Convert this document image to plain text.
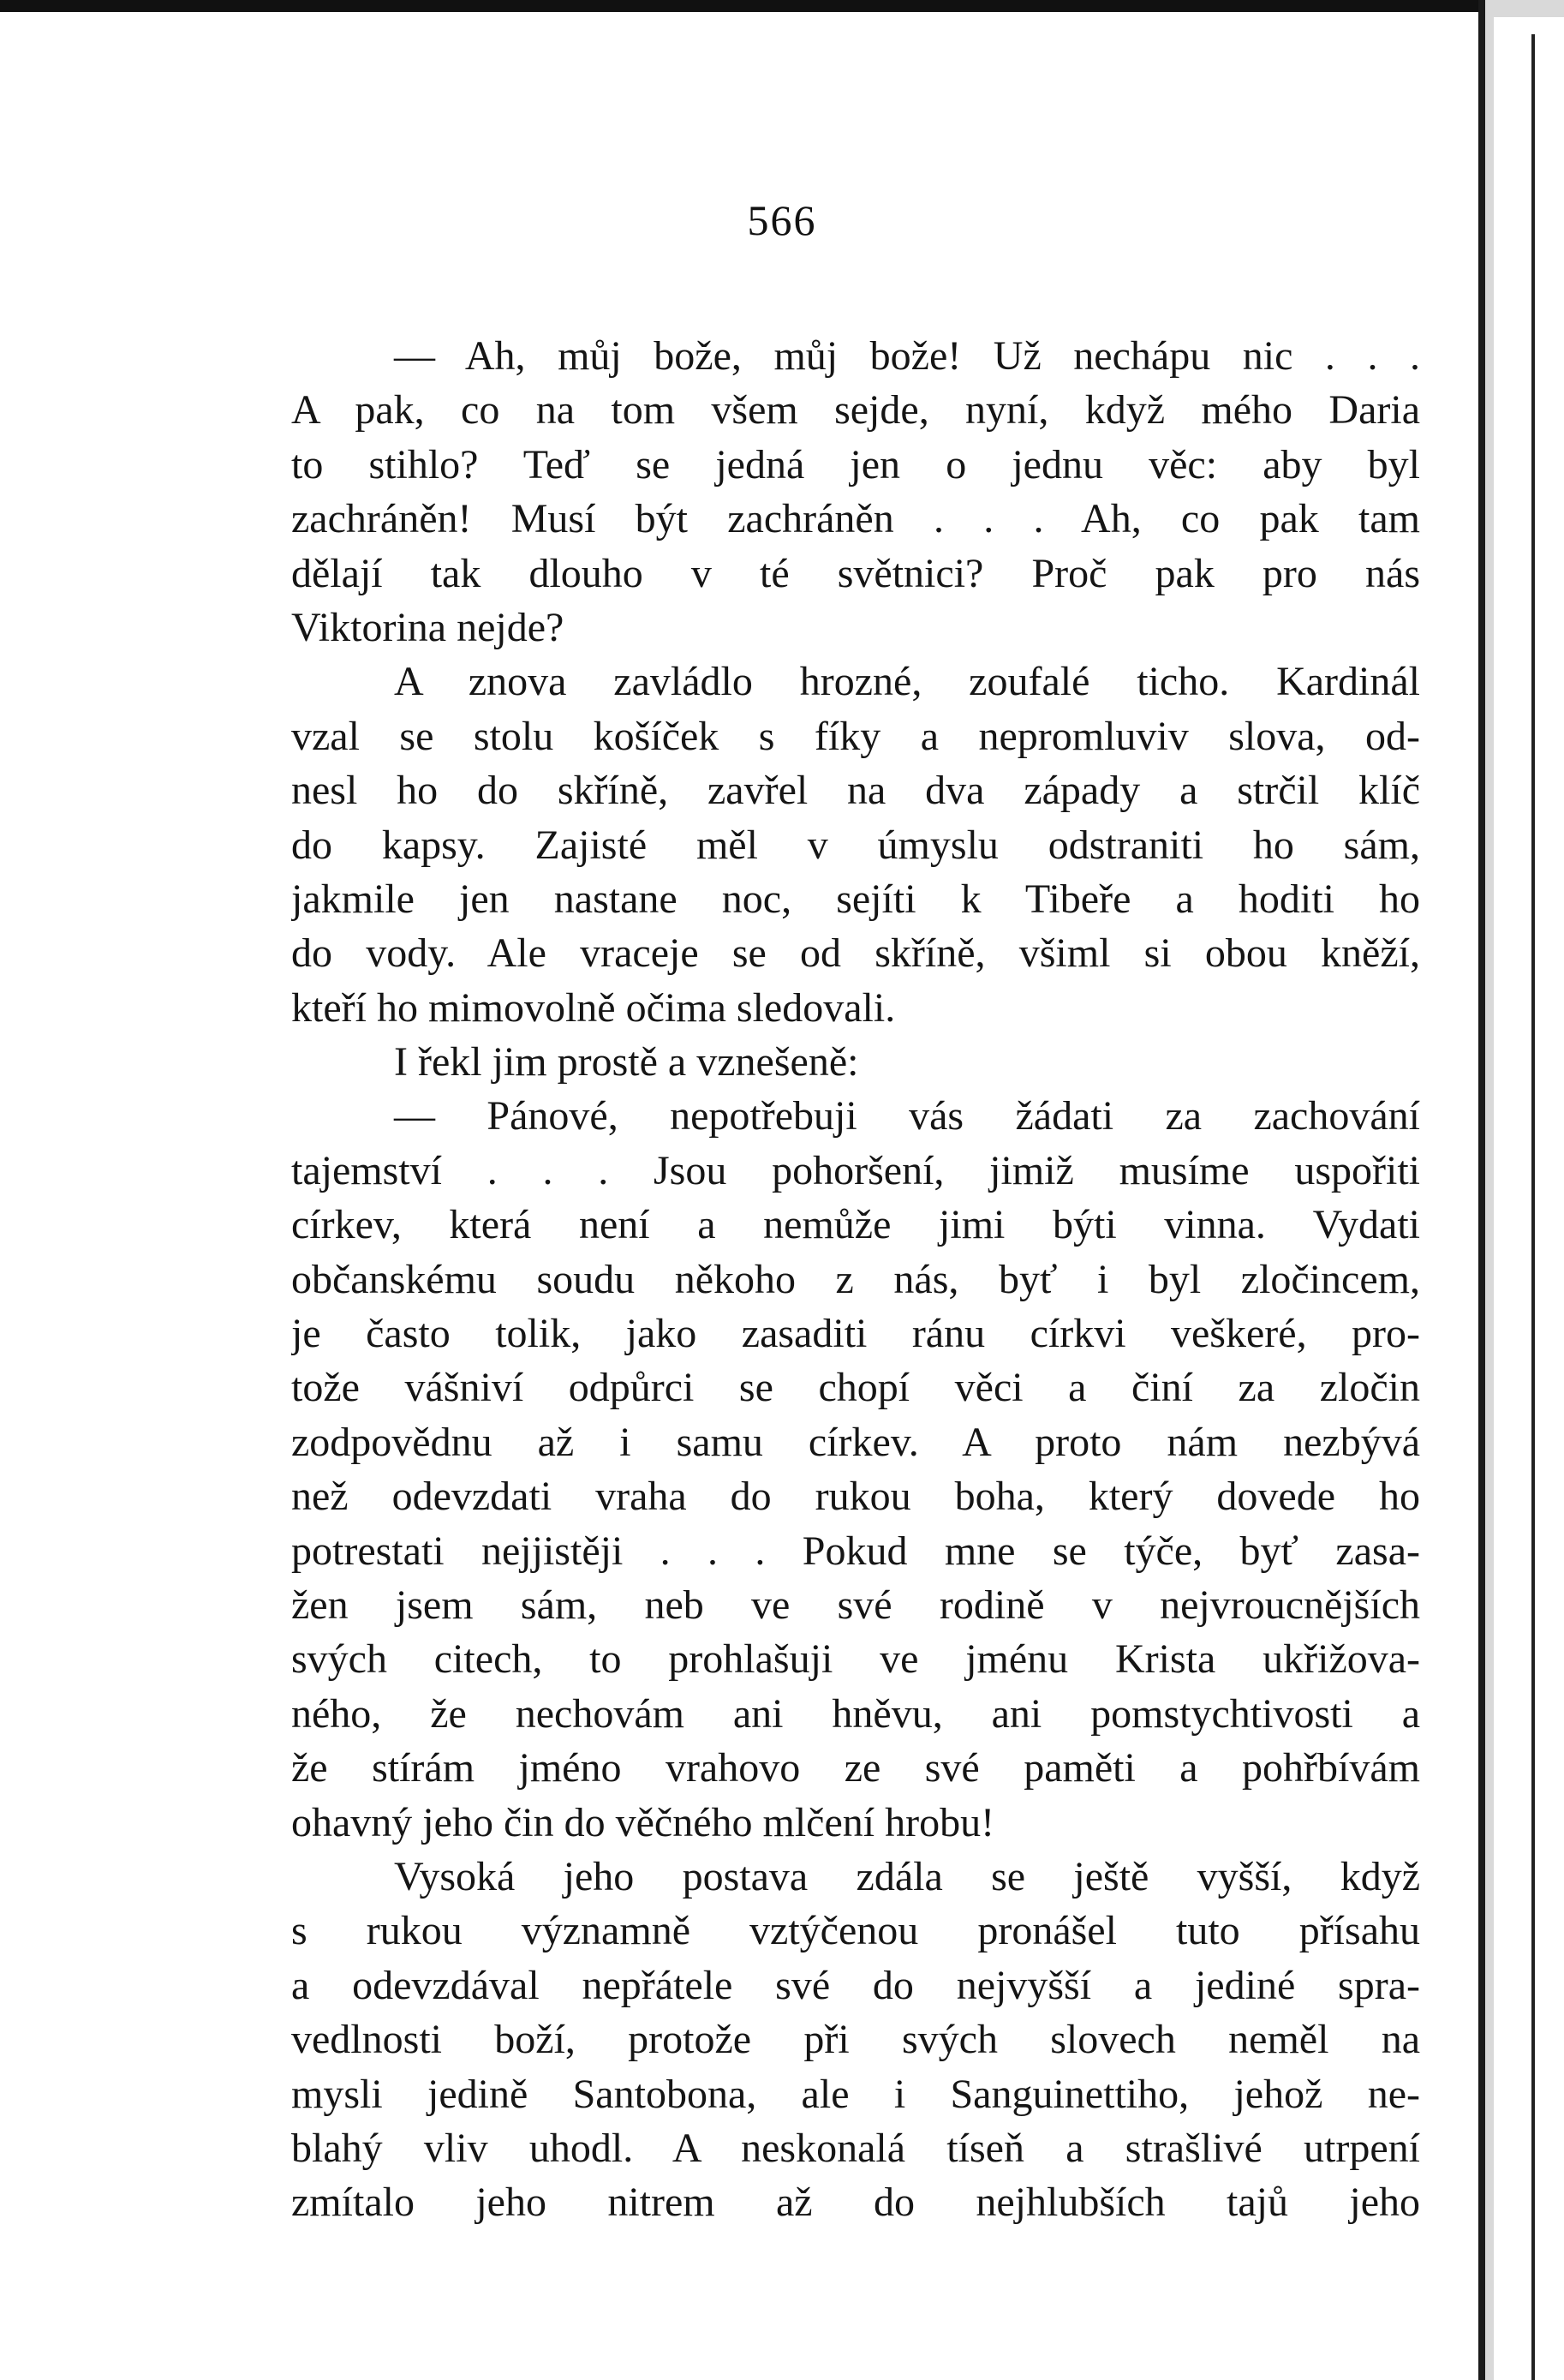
566
— Ah, můj bože, můj bože! Už nechápu nic . . .
A pak, co na tom všem sejde, nyní, když mého Daria
to stihlo? Teď se jedná jen o jednu věc: aby byl
zachráněn! Musí být zachráněn . . . Ah, co pak tam
dělají tak dlouho v té světnici? Proč pak pro nás
Viktorina nejde?
A znova zavládlo hrozné, zoufalé ticho. Kardinál
vzal se stolu košíček s fíky a nepromluviv slova, od-
nesl ho do skříně, zavřel na dva západy a strčil klíč
do kapsy. Zajisté měl v úmyslu odstraniti ho sám,
jakmile jen nastane noc, sejíti k Tibeře a hoditi ho
do vody. Ale vraceje se od skříně, všiml si obou kněží,
kteří ho mimovolně očima sledovali.
I řekl jim prostě a vznešeně:
— Pánové, nepotřebuji vás žádati za zachování
tajemství . . . Jsou pohoršení, jimiž musíme uspořiti
církev, která není a nemůže jimi býti vinna. Vydati
občanskému soudu někoho z nás, byť i byl zločincem,
je často tolik, jako zasaditi ránu církvi veškeré, pro-
tože vášniví odpůrci se chopí věci a činí za zločin
zodpovědnu až i samu církev. A proto nám nezbývá
než odevzdati vraha do rukou boha, který dovede ho
potrestati nejjistěji . . . Pokud mne se týče, byť zasa-
žen jsem sám, neb ve své rodině v nejvroucnějších
svých citech, to prohlašuji ve jménu Krista ukřižova-
ného, že nechovám ani hněvu, ani pomstychtivosti a
že stírám jméno vrahovo ze své paměti a pohřbívám
ohavný jeho čin do věčného mlčení hrobu!
Vysoká jeho postava zdála se ještě vyšší, když
s rukou významně vztýčenou pronášel tuto přísahu
a odevzdával nepřátele své do nejvyšší a jediné spra-
vedlnosti boží, protože při svých slovech neměl na
mysli jedině Santobona, ale i Sanguinettiho, jehož ne-
blahý vliv uhodl. A neskonalá tíseň a strašlivé utrpení
zmítalo jeho nitrem až do nejhlubších tajů jeho
